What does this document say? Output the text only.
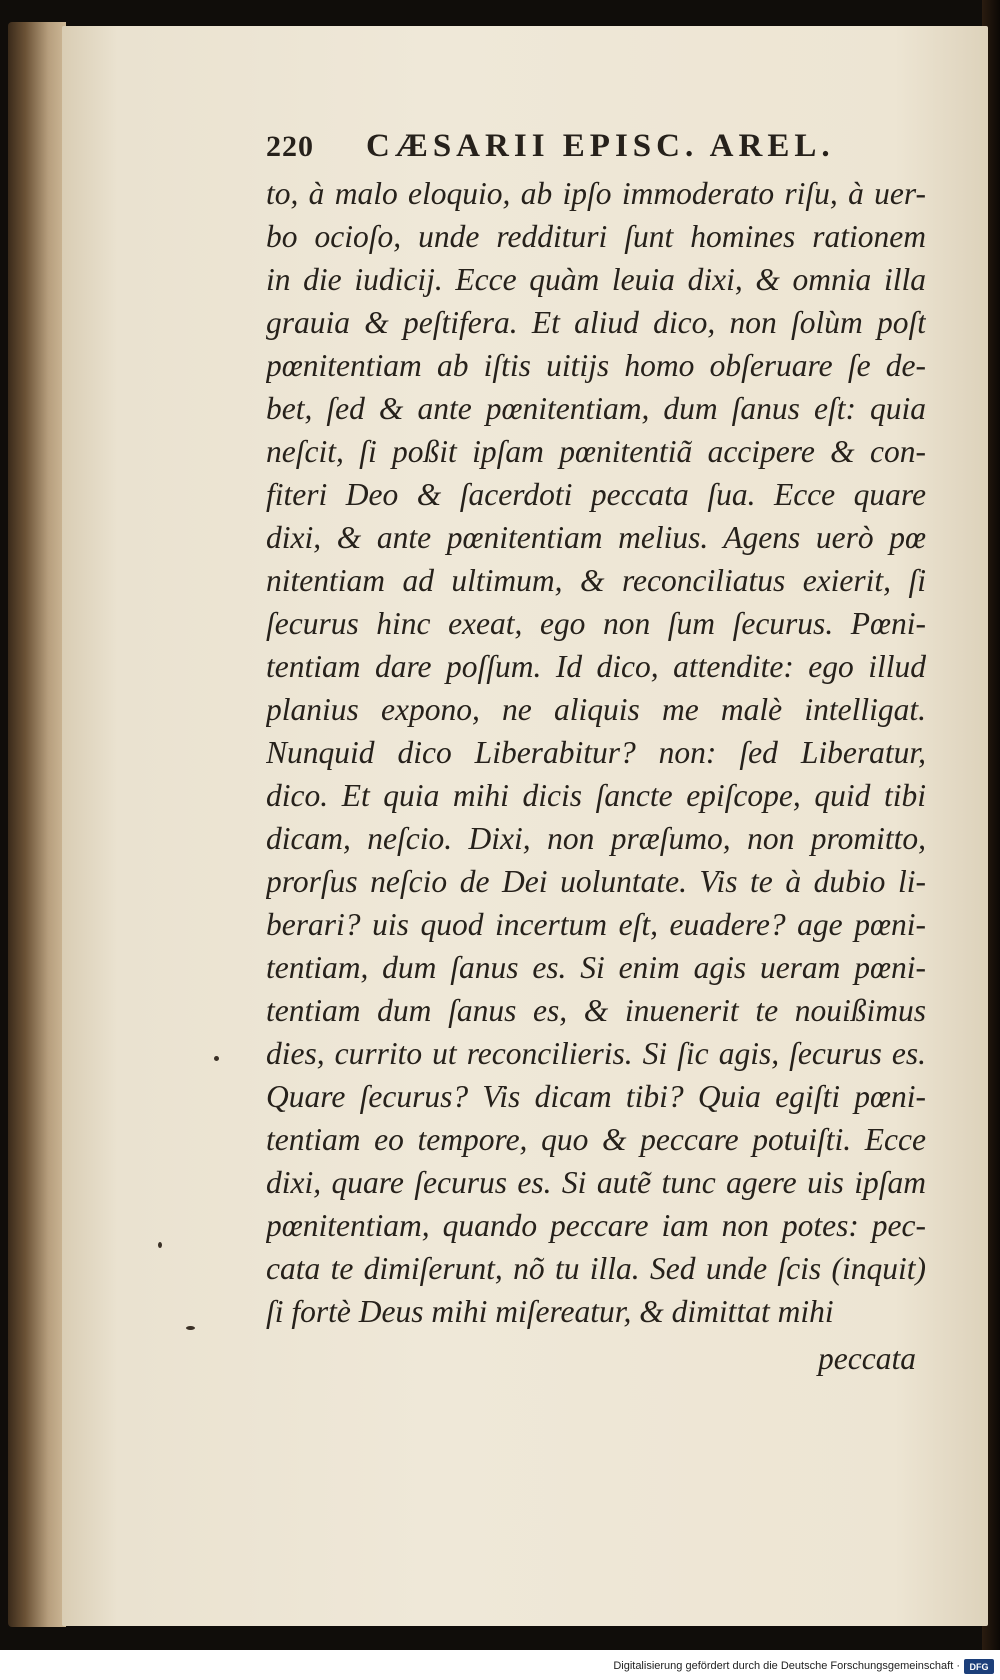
220	CÆSARII EPISC. AREL.
to, à malo eloquio, ab ipſo immoderato riſu, à uer-
bo ocioſo, unde reddituri ſunt homines rationem
in die iudicij. Ecce quàm leuia dixi, & omnia illa
grauia & peſtifera. Et aliud dico, non ſolùm poſt
pœnitentiam ab iſtis uitijs homo obſeruare ſe de-
bet, ſed & ante pœnitentiam, dum ſanus eſt: quia
neſcit, ſi poßit ipſam pœnitentiã accipere & con-
fiteri Deo & ſacerdoti peccata ſua. Ecce quare
dixi, & ante pœnitentiam melius. Agens uerò pœ
nitentiam ad ultimum, & reconciliatus exierit, ſi
ſecurus hinc exeat, ego non ſum ſecurus. Pœni-
tentiam dare poſſum. Id dico, attendite: ego illud
planius expono, ne aliquis me malè intelligat.
Nunquid dico Liberabitur? non: ſed Liberatur,
dico. Et quia mihi dicis ſancte epiſcope, quid tibi
dicam, neſcio. Dixi, non præſumo, non promitto,
prorſus neſcio de Dei uoluntate. Vis te à dubio li-
berari? uis quod incertum eſt, euadere? age pœni-
tentiam, dum ſanus es. Si enim agis ueram pœni-
tentiam dum ſanus es, & inuenerit te nouißimus
dies, currito ut reconcilieris. Si ſic agis, ſecurus es.
Quare ſecurus? Vis dicam tibi? Quia egiſti pœni-
tentiam eo tempore, quo & peccare potuiſti. Ecce
dixi, quare ſecurus es. Si autẽ tunc agere uis ipſam
pœnitentiam, quando peccare iam non potes: pec-
cata te dimiſerunt, nõ tu illa. Sed unde ſcis (inquit)
ſi fortè Deus mihi miſereatur, & dimittat mihi
peccata
Digitalisierung gefördert durch die Deutsche Forschungsgemeinschaft ·	DFG
